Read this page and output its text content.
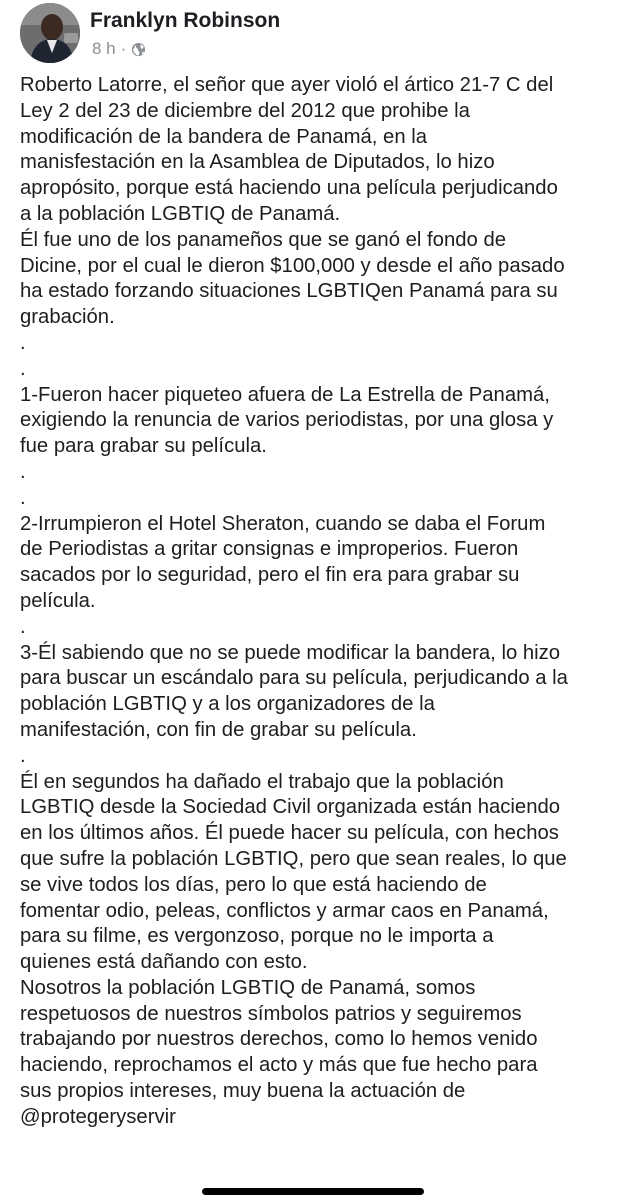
Franklyn Robinson
8 h ·
Roberto Latorre, el señor que ayer violó el ártico 21-7 C del
Ley 2 del 23 de diciembre del 2012 que prohibe la
modificación de la bandera de Panamá, en la
manisfestación en la Asamblea de Diputados, lo hizo
apropósito, porque está haciendo una película perjudicando
a la población LGBTIQ de Panamá.
Él fue uno de los panameños que se ganó el fondo de
Dicine, por el cual le dieron $100,000 y desde el año pasado
ha estado forzando situaciones LGBTIQen Panamá para su
grabación.
.
.
1-Fueron hacer piqueteo afuera de La Estrella de Panamá,
exigiendo la renuncia de varios periodistas, por una glosa y
fue para grabar su película.
.
.
2-Irrumpieron el Hotel Sheraton, cuando se daba el Forum
de Periodistas a gritar consignas e improperios. Fueron
sacados por lo seguridad, pero el fin era para grabar su
película.
.
3-Él sabiendo que no se puede modificar la bandera, lo hizo
para buscar un escándalo para su película, perjudicando a la
población LGBTIQ y a los organizadores de la
manifestación, con fin de grabar su película.
.
Él en segundos ha dañado el trabajo que la población
LGBTIQ desde la Sociedad Civil organizada están haciendo
en los últimos años. Él puede hacer su película, con hechos
que sufre la población LGBTIQ, pero que sean reales, lo que
se vive todos los días, pero lo que está haciendo de
fomentar odio, peleas, conflictos y armar caos en Panamá,
para su filme, es vergonzoso, porque no le importa a
quienes está dañando con esto.
Nosotros la población LGBTIQ de Panamá, somos
respetuosos de nuestros símbolos patrios y seguiremos
trabajando por nuestros derechos, como lo hemos venido
haciendo, reprochamos el acto y más que fue hecho para
sus propios intereses, muy buena la actuación de
@protegeryservir
